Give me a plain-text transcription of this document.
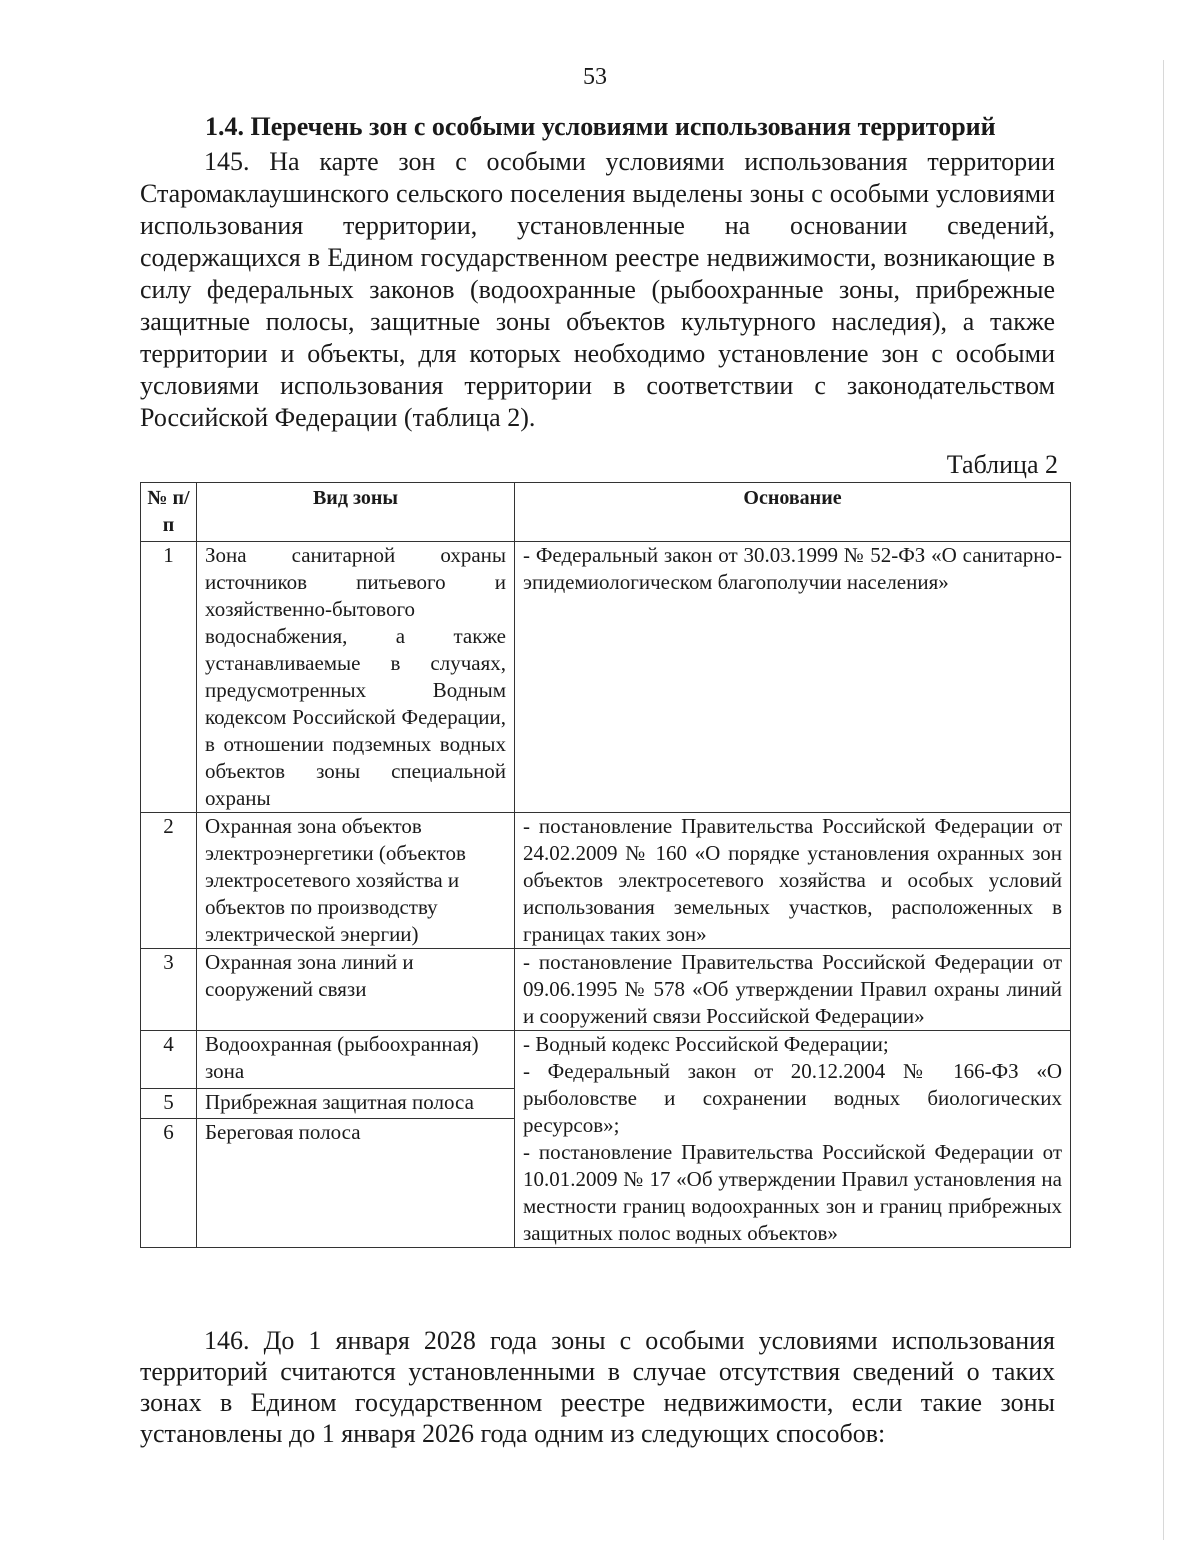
53
1.4. Перечень зон с особыми условиями использования территорий

145. На карте зон с особыми условиями использования территории Старомаклаушинского сельского поселения выделены зоны с особыми условиями использования территории, установленные на основании сведений, содержащихся в Едином государственном реестре недвижимости, возникающие в силу федеральных законов (водоохранные (рыбоохранные зоны, прибрежные защитные полосы, защитные зоны объектов культурного наследия), а также территории и объекты, для которых необходимо установление зон с особыми условиями использования территории в соответствии с законодательством Российской Федерации (таблица 2).

Таблица 2
№ п/п	Вид зоны	Основание
1	Зона санитарной охраны источников питьевого и хозяйственно-бытового водоснабжения, а также устанавливаемые в случаях, предусмотренных Водным кодексом Российской Федерации, в отношении подземных водных объектов зоны специальной охраны	- Федеральный закон от 30.03.1999 № 52-ФЗ «О санитарно-эпидемиологическом благополучии населения»

2	Охранная зона объектов электроэнергетики (объектов электросетевого хозяйства и объектов по производству электрической энергии)	- постановление Правительства Российской Федерации от 24.02.2009 № 160 «О порядке установления охранных зон объектов электросетевого хозяйства и особых условий использования земельных участков, расположенных в границах таких зон»

3	Охранная зона линий и сооружений связи	- постановление Правительства Российской Федерации от 09.06.1995 № 578 «Об утверждении Правил охраны линий и сооружений связи Российской Федерации»

4	Водоохранная (рыбоохранная) зона	- Водный кодекс Российской Федерации;
- Федеральный закон от 20.12.2004 № 166-ФЗ «О рыболовстве и сохранении водных биологических ресурсов»;
- постановление Правительства Российской Федерации от 10.01.2009 № 17 «Об утверждении Правил установления на местности границ водоохранных зон и границ прибрежных защитных полос водных объектов»

5	Прибрежная защитная полоса	
6	Береговая полоса	

146. До 1 января 2028 года зоны с особыми условиями использования территорий считаются установленными в случае отсутствия сведений о таких зонах в Едином государственном реестре недвижимости, если такие зоны установлены до 1 января 2026 года одним из следующих способов:
